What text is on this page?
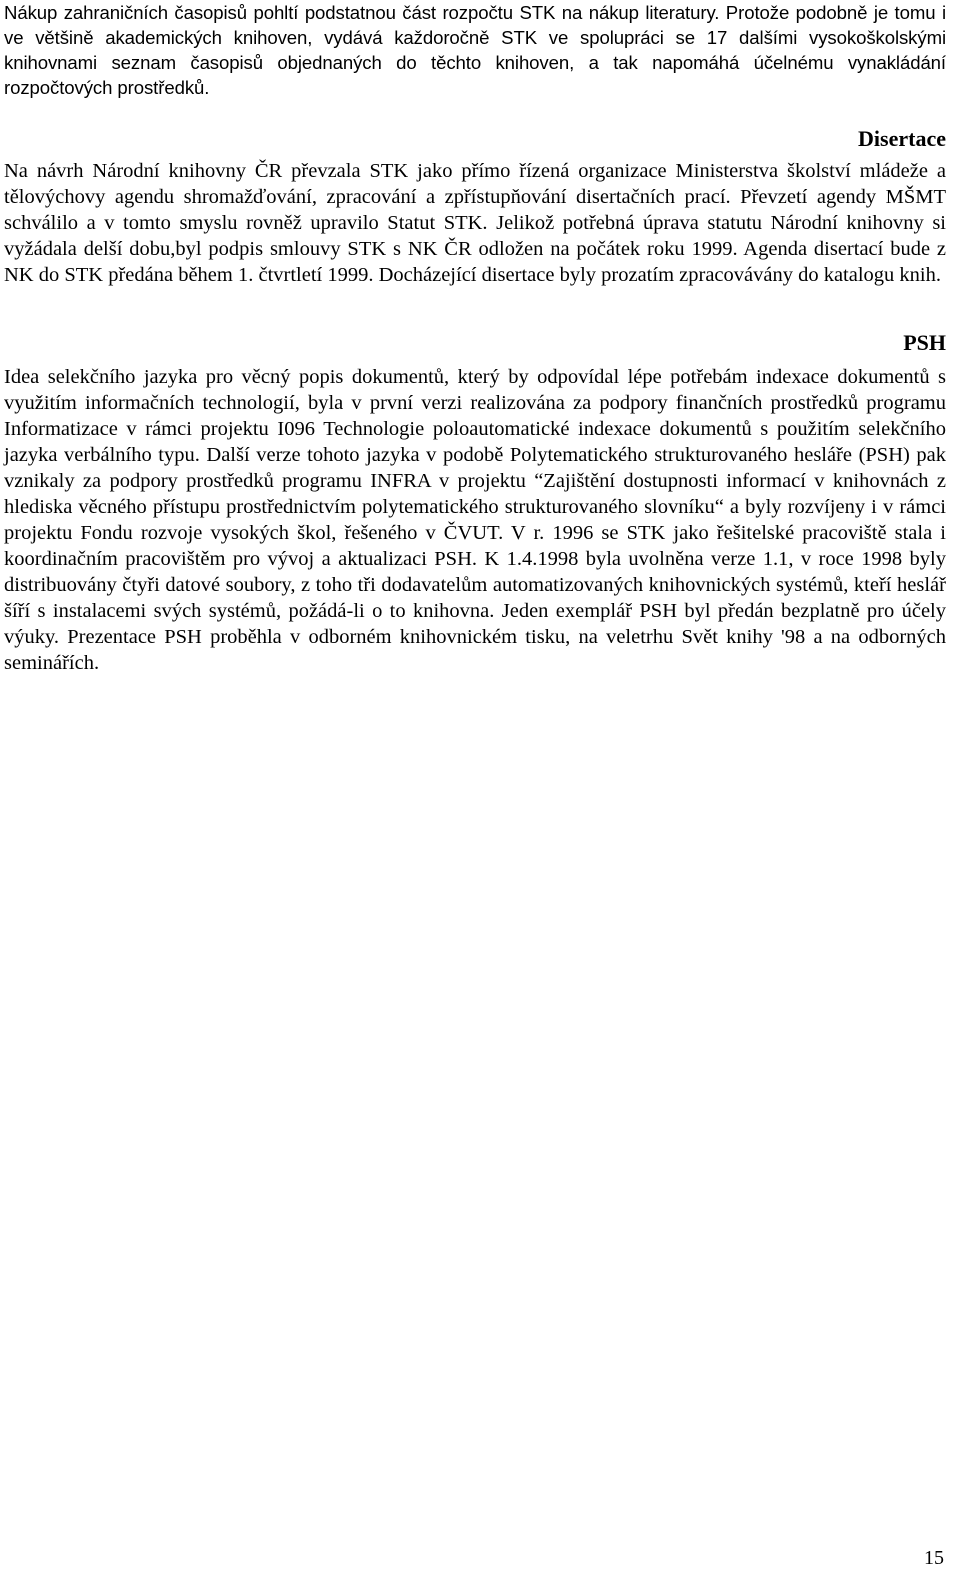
Nákup zahraničních časopisů pohltí podstatnou část rozpočtu STK na nákup literatury. Protože podobně je tomu i ve většině akademických knihoven, vydává každoročně STK ve spolupráci se 17 dalšími vysokoškolskými knihovnami seznam časopisů objednaných do těchto knihoven, a tak napomáhá účelnému vynakládání rozpočtových prostředků.

Disertace

Na návrh Národní knihovny ČR převzala STK jako přímo řízená organizace Ministerstva školství mládeže a tělovýchovy agendu shromažďování, zpracování a zpřístupňování disertačních prací. Převzetí agendy MŠMT schválilo a v tomto smyslu rovněž upravilo Statut STK. Jelikož potřebná úprava statutu Národní knihovny si vyžádala delší dobu,byl podpis smlouvy STK s NK ČR odložen na počátek roku 1999. Agenda disertací bude z NK do STK předána během 1. čtvrtletí 1999. Docházející disertace byly prozatím zpracovávány do katalogu knih.

PSH

Idea selekčního jazyka pro věcný popis dokumentů, který by odpovídal lépe potřebám indexace dokumentů s využitím informačních technologií, byla v první verzi realizována za podpory finančních prostředků programu Informatizace v rámci projektu I096 Technologie poloautomatické indexace dokumentů s použitím selekčního jazyka verbálního typu. Další verze tohoto jazyka v podobě Polytematického strukturovaného hesláře (PSH) pak vznikaly za podpory prostředků programu INFRA v projektu “Zajištění dostupnosti informací v knihovnách z hlediska věcného přístupu prostřednictvím polytematického strukturovaného slovníku“ a byly rozvíjeny i v rámci projektu Fondu rozvoje vysokých škol, řešeného v ČVUT. V r. 1996 se STK jako řešitelské pracoviště stala i koordinačním pracovištěm pro vývoj a aktualizaci PSH. K 1.4.1998 byla uvolněna verze 1.1, v roce 1998 byly distribuovány čtyři datové soubory, z toho tři dodavatelům automatizovaných knihovnických systémů, kteří heslář šíří s instalacemi svých systémů, požádá-li o to knihovna. Jeden exemplář PSH byl předán bezplatně pro účely výuky. Prezentace PSH proběhla v odborném knihovnickém tisku, na veletrhu Svět knihy '98 a na odborných seminářích.

15
